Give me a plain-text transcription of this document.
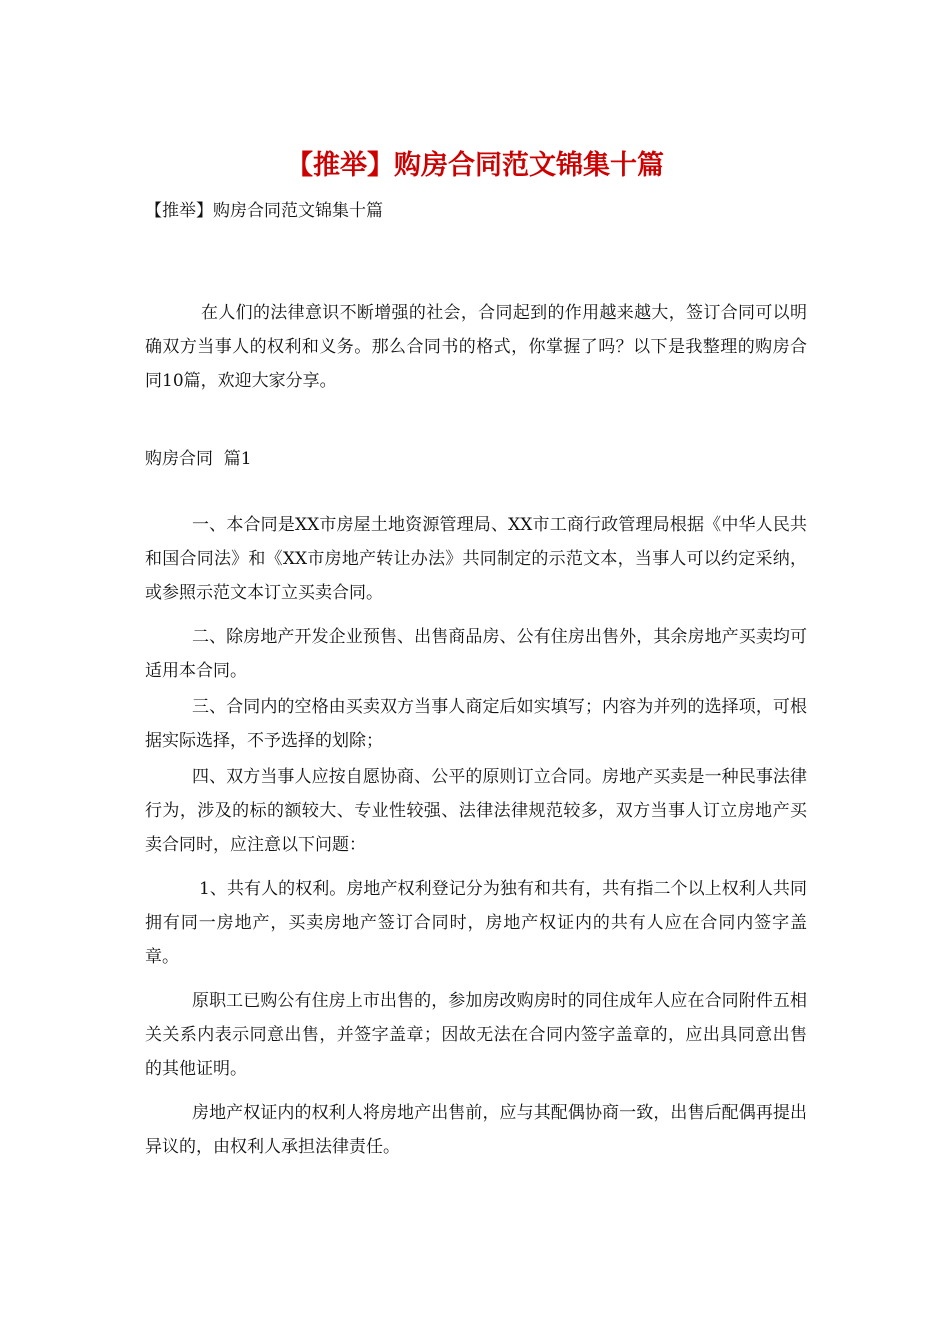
【推举】购房合同范文锦集十篇

【推举】购房合同范文锦集十篇

在人们的法律意识不断增强的社会，合同起到的作用越来越大，签订合同可以明确双方当事人的权利和义务。那么合同书的格式，你掌握了吗？以下是我整理的购房合同10篇，欢迎大家分享。

购房合同  篇1

一、本合同是XX市房屋土地资源管理局、XX市工商行政管理局根据《中华人民共和国合同法》和《XX市房地产转让办法》共同制定的示范文本，当事人可以约定采纳，或参照示范文本订立买卖合同。

二、除房地产开发企业预售、出售商品房、公有住房出售外，其余房地产买卖均可适用本合同。

三、合同内的空格由买卖双方当事人商定后如实填写；内容为并列的选择项，可根据实际选择，不予选择的划除；

四、双方当事人应按自愿协商、公平的原则订立合同。房地产买卖是一种民事法律行为，涉及的标的额较大、专业性较强、法律法律规范较多，双方当事人订立房地产买卖合同时，应注意以下问题：

1、共有人的权利。房地产权利登记分为独有和共有，共有指二个以上权利人共同拥有同一房地产，买卖房地产签订合同时，房地产权证内的共有人应在合同内签字盖章。

原职工已购公有住房上市出售的，参加房改购房时的同住成年人应在合同附件五相关关系内表示同意出售，并签字盖章；因故无法在合同内签字盖章的，应出具同意出售的其他证明。

房地产权证内的权利人将房地产出售前，应与其配偶协商一致，出售后配偶再提出异议的，由权利人承担法律责任。
